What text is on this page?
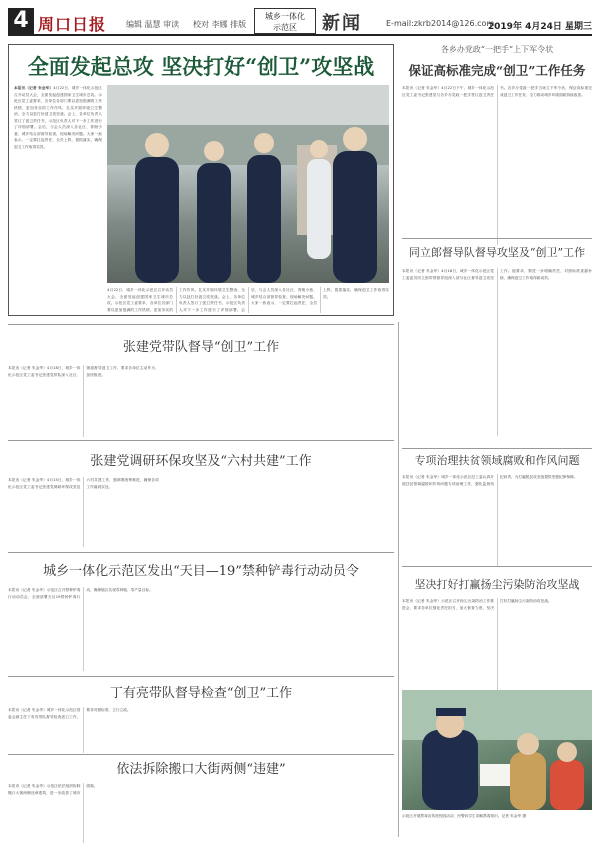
4 周口日报 编辑 温慧 审读 校对 李娜 排版
城乡一体化
示范区	新闻	E-mail:zkrb2014@126.com
2019年 4月24日 星期三
全面发起总攻 坚决打好“创卫”攻坚战
本报讯（记者 朱金华）4月22日，城乡一体化示范区召开动员大会，全面发起创建国家卫生城市总攻。示范区党工委要求，各单位各部门要以更加饱满的工作热情，更加务实的工作作风，扎实开展环境卫生整治，全力以赴打好创卫攻坚战。会上，各单位负责人签订了创卫责任书，示范区负责人对下一步工作进行了详细部署。会后，与会人员深入各社区、背街小巷、城乡结合部督导检查，现场解决问题。大家一致表示，一定要扛起责任，全员上阵，狠抓落实，确保创卫工作取得实效。
4月22日，城乡一体化示范区召开动员大会，全面发起创建国家卫生城市总攻。示范区党工委要求，各单位各部门要以更加饱满的工作热情，更加务实的工作作风，扎实开展环境卫生整治，全力以赴打好创卫攻坚战。会上，各单位负责人签订了创卫责任书，示范区负责人对下一步工作进行了详细部署。会后，与会人员深入各社区、背街小巷、城乡结合部督导检查，现场解决问题。大家一致表示，一定要扛起责任，全员上阵，狠抓落实，确保创卫工作取得实效。
各乡办党政“一把手”上下军令状
保证高标准完成“创卫”工作任务
本报讯（记者 朱金华）4月22日下午，城乡一体化示范区党工委书记张建党与各乡办党政一把手签订创卫责任书。各乡办党政一把手当场立下军令状，保证高标准完成创卫工作任务，全力推动城乡环境面貌持续改善。
同立郎督导队督导攻坚及“创卫”工作
本报讯（记者 朱金华）4月18日，城乡一体化示范区党工委委员同立郎带领督导组深入部分社区督导创卫攻坚工作。他要求，要进一步明确责任，对照标准查漏补缺，确保创卫工作取得新成效。
专项治理扶贫领域腐败和作风问题
本报讯（记者 朱金华）城乡一体化示范区纪工委认真开展扶贫领域腐败和作风问题专项治理工作，强化监督执纪问责，为打赢脱贫攻坚战提供坚强纪律保障。
坚决打好打赢扬尘污染防治攻坚战
本报讯（记者 朱金华）示范区召开扬尘污染防治工作推进会，要求各单位强化责任担当，加大督查力度，坚决打好打赢扬尘污染防治攻坚战。
示范区开展禁毒宣传进校园活动，民警向学生讲解禁毒知识。记者 朱金华 摄
张建党带队督导“创卫”工作
本报讯（记者 朱金华）4月18日，城乡一体化示范区党工委书记张建党带队深入社区、街道督导创卫工作，要求各单位主动作为，加快推进。
张建党调研环保攻坚及“六村共建”工作
本报讯（记者 朱金华）4月15日，城乡一体化示范区党工委书记张建党调研环保攻坚及六村共建工作，强调要统筹推进，确保各项工作落到实处。
城乡一体化示范区发出“天目—19”禁种铲毒行动动员令
本报讯（记者 朱金华）示范区召开禁种铲毒行动动员会，全面部署天目19禁种铲毒行动，确保辖区实现零种植、零产量目标。
丁有亮带队督导检查“创卫”工作
本报讯（记者 朱金华）城乡一体化示范区管委会副主任丁有亮带队督导检查创卫工作，要求对照标准，立行立改。
依法拆除搬口大街两侧“违建”
本报讯（记者 朱金华）示范区依法组织拆除搬口大街两侧违章建筑，进一步改善了城市面貌。
